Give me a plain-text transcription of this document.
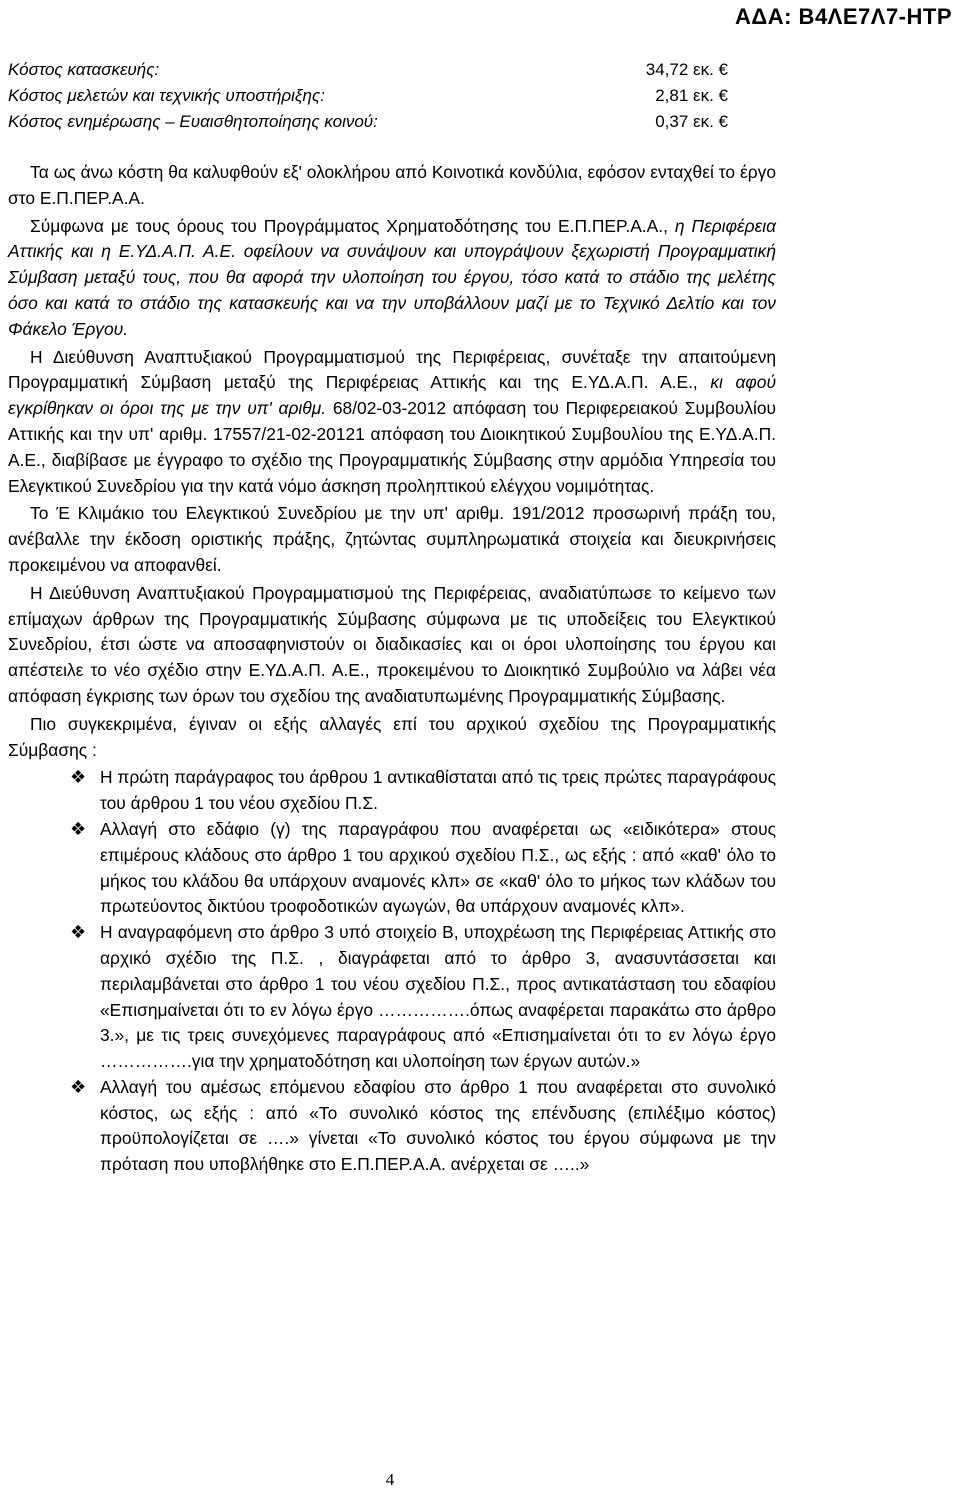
ΑΔΑ: Β4ΛΕ7Λ7-ΗΤΡ
Κόστος κατασκευής:	34,72 εκ. €
Κόστος μελετών και τεχνικής υποστήριξης:	2,81 εκ. €
Κόστος ενημέρωσης – Ευαισθητοποίησης κοινού:	0,37 εκ. €

Τα ως άνω κόστη θα καλυφθούν εξ' ολοκλήρου από Κοινοτικά κονδύλια, εφόσον ενταχθεί το έργο στο Ε.Π.ΠΕΡ.Α.Α.

Σύμφωνα με τους όρους του Προγράμματος Χρηματοδότησης του Ε.Π.ΠΕΡ.Α.Α., η Περιφέρεια Αττικής και η Ε.ΥΔ.Α.Π. Α.Ε. οφείλουν να συνάψουν και υπογράψουν ξεχωριστή Προγραμματική Σύμβαση μεταξύ τους, που θα αφορά την υλοποίηση του έργου, τόσο κατά το στάδιο της μελέτης όσο και κατά το στάδιο της κατασκευής και να την υποβάλλουν μαζί με το Τεχνικό Δελτίο και τον Φάκελο Έργου.

Η Διεύθυνση Αναπτυξιακού Προγραμματισμού της Περιφέρειας, συνέταξε την απαιτούμενη Προγραμματική Σύμβαση μεταξύ της Περιφέρειας Αττικής και της Ε.ΥΔ.Α.Π. Α.Ε., κι αφού εγκρίθηκαν οι όροι της με την υπ' αριθμ. 68/02-03-2012 απόφαση του Περιφερειακού Συμβουλίου Αττικής και την υπ' αριθμ. 17557/21-02-20121 απόφαση του Διοικητικού Συμβουλίου της Ε.ΥΔ.Α.Π. Α.Ε., διαβίβασε με έγγραφο το σχέδιο της Προγραμματικής Σύμβασης στην αρμόδια Υπηρεσία του Ελεγκτικού Συνεδρίου για την κατά νόμο άσκηση προληπτικού ελέγχου νομιμότητας.

Το Έ Κλιμάκιο του Ελεγκτικού Συνεδρίου με την υπ' αριθμ. 191/2012 προσωρινή πράξη του, ανέβαλλε την έκδοση οριστικής πράξης, ζητώντας συμπληρωματικά στοιχεία και διευκρινήσεις προκειμένου να αποφανθεί.

Η Διεύθυνση Αναπτυξιακού Προγραμματισμού της Περιφέρειας, αναδιατύπωσε το κείμενο των επίμαχων άρθρων της Προγραμματικής Σύμβασης σύμφωνα με τις υποδείξεις του Ελεγκτικού Συνεδρίου, έτσι ώστε να αποσαφηνιστούν οι διαδικασίες και οι όροι υλοποίησης του έργου και απέστειλε το νέο σχέδιο στην Ε.ΥΔ.Α.Π. Α.Ε., προκειμένου το Διοικητικό Συμβούλιο να λάβει νέα απόφαση έγκρισης των όρων του σχεδίου της αναδιατυπωμένης Προγραμματικής Σύμβασης.

Πιο συγκεκριμένα, έγιναν οι εξής αλλαγές επί του αρχικού σχεδίου της Προγραμματικής Σύμβασης :

❖ Η πρώτη παράγραφος του άρθρου 1 αντικαθίσταται από τις τρεις πρώτες παραγράφους του άρθρου 1 του νέου σχεδίου Π.Σ.
❖ Αλλαγή στο εδάφιο (γ) της παραγράφου που αναφέρεται ως «ειδικότερα» στους επιμέρους κλάδους στο άρθρο 1 του αρχικού σχεδίου Π.Σ., ως εξής : από «καθ' όλο το μήκος του κλάδου θα υπάρχουν αναμονές κλπ» σε «καθ' όλο το μήκος των κλάδων του πρωτεύοντος δικτύου τροφοδοτικών αγωγών, θα υπάρχουν αναμονές κλπ».
❖ Η αναγραφόμενη στο άρθρο 3 υπό στοιχείο Β, υποχρέωση της Περιφέρειας Αττικής στο αρχικό σχέδιο της Π.Σ. , διαγράφεται από το άρθρο 3, ανασυντάσσεται και περιλαμβάνεται στο άρθρο 1 του νέου σχεδίου Π.Σ., προς αντικατάσταση του εδαφίου «Επισημαίνεται ότι το εν λόγω έργο …………….όπως αναφέρεται παρακάτω στο άρθρο 3.», με τις τρεις συνεχόμενες παραγράφους από «Επισημαίνεται ότι το εν λόγω έργο …………….για την χρηματοδότηση και υλοποίηση των έργων αυτών.»
❖ Αλλαγή του αμέσως επόμενου εδαφίου στο άρθρο 1 που αναφέρεται στο συνολικό κόστος, ως εξής : από «Το συνολικό κόστος της επένδυσης (επιλέξιμο κόστος) προϋπολογίζεται σε ….» γίνεται «Το συνολικό κόστος του έργου σύμφωνα με την πρόταση που υποβλήθηκε στο Ε.Π.ΠΕΡ.Α.Α. ανέρχεται σε …..»
4
